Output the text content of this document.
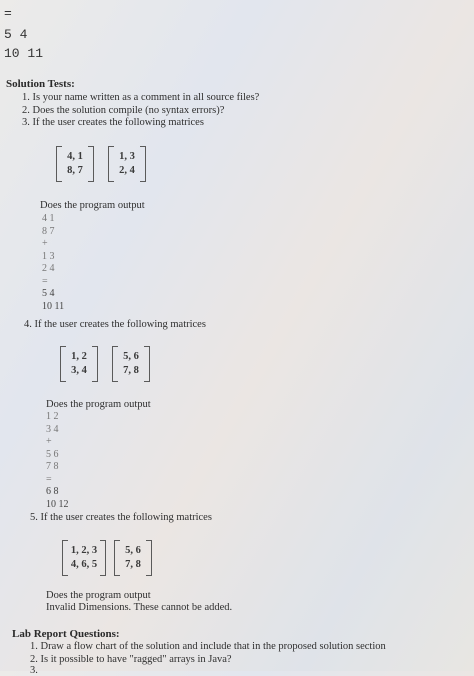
=
5 4
10 11
Solution Tests:
1. Is your name written as a comment in all source files?
2. Does the solution compile (no syntax errors)?
3. If the user creates the following matrices
4, 1
8, 7
1, 3
2, 4
Does the program output
4 1
8 7
+
1 3
2 4
=
5 4
10 11
4. If the user creates the following matrices
1, 2
3, 4
5, 6
7, 8
Does the program output
1 2
3 4
+
5 6
7 8
=
6 8
10 12
5. If the user creates the following matrices
1, 2, 3
4, 6, 5
5, 6
7, 8
Does the program output
Invalid Dimensions. These cannot be added.
Lab Report Questions:
1. Draw a flow chart of the solution and include that in the proposed solution section
2. Is it possible to have "ragged" arrays in Java?
3.
